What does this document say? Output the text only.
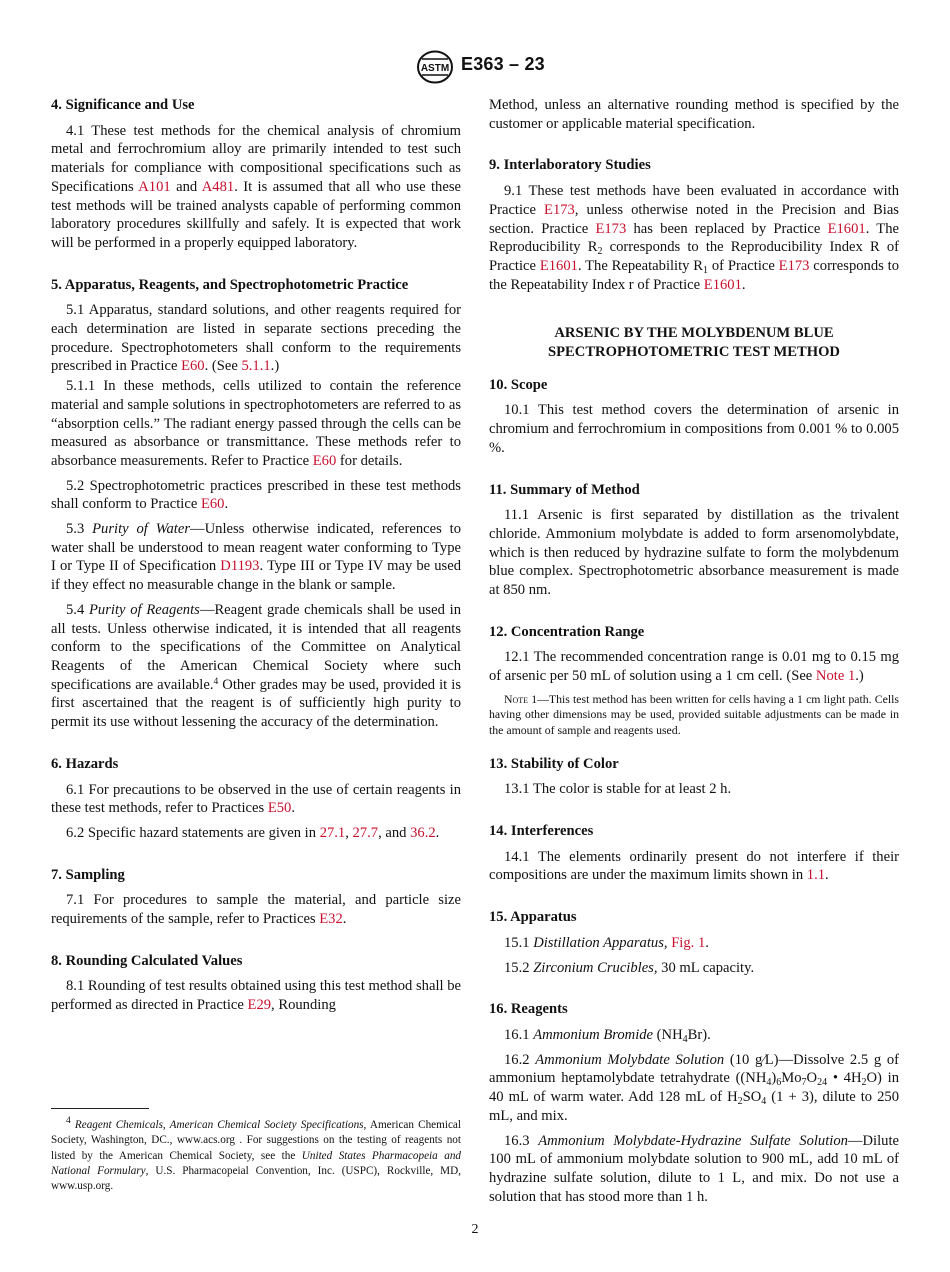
ASTM E363 – 23
4. Significance and Use

4.1 These test methods for the chemical analysis of chromium metal and ferrochromium alloy are primarily intended to test such materials for compliance with compositional specifications such as Specifications A101 and A481. It is assumed that all who use these test methods will be trained analysts capable of performing common laboratory procedures skillfully and safely. It is expected that work will be performed in a properly equipped laboratory.

5. Apparatus, Reagents, and Spectrophotometric Practice

5.1 Apparatus, standard solutions, and other reagents required for each determination are listed in separate sections preceding the procedure. Spectrophotometers shall conform to the requirements prescribed in Practice E60. (See 5.1.1.)

5.1.1 In these methods, cells utilized to contain the reference material and sample solutions in spectrophotometers are referred to as “absorption cells.” The radiant energy passed through the cells can be measured as absorbance or transmittance. These methods refer to absorbance measurements. Refer to Practice E60 for details.

5.2 Spectrophotometric practices prescribed in these test methods shall conform to Practice E60.

5.3 Purity of Water—Unless otherwise indicated, references to water shall be understood to mean reagent water conforming to Type I or Type II of Specification D1193. Type III or Type IV may be used if they effect no measurable change in the blank or sample.

5.4 Purity of Reagents—Reagent grade chemicals shall be used in all tests. Unless otherwise indicated, it is intended that all reagents conform to the specifications of the Committee on Analytical Reagents of the American Chemical Society where such specifications are available.$^4$ Other grades may be used, provided it is first ascertained that the reagent is of sufficiently high purity to permit its use without lessening the accuracy of the determination.

6. Hazards

6.1 For precautions to be observed in the use of certain reagents in these test methods, refer to Practices E50.

6.2 Specific hazard statements are given in 27.1, 27.7, and 36.2.

7. Sampling

7.1 For procedures to sample the material, and particle size requirements of the sample, refer to Practices E32.

8. Rounding Calculated Values

8.1 Rounding of test results obtained using this test method shall be performed as directed in Practice E29, Rounding

$^4$ Reagent Chemicals, American Chemical Society Specifications, American Chemical Society, Washington, DC., www.acs.org . For suggestions on the testing of reagents not listed by the American Chemical Society, see the United States Pharmacopeia and National Formulary, U.S. Pharmacopeial Convention, Inc. (USPC), Rockville, MD, www.usp.org.

Method, unless an alternative rounding method is specified by the customer or applicable material specification.

9. Interlaboratory Studies

9.1 These test methods have been evaluated in accordance with Practice E173, unless otherwise noted in the Precision and Bias section. Practice E173 has been replaced by Practice E1601. The Reproducibility $R_2$ corresponds to the Reproducibility Index R of Practice E1601. The Repeatability $R_1$ of Practice E173 corresponds to the Repeatability Index r of Practice E1601.

ARSENIC BY THE MOLYBDENUM BLUE

SPECTROPHOTOMETRIC TEST METHOD

10. Scope

10.1 This test method covers the determination of arsenic in chromium and ferrochromium in compositions from 0.001 % to 0.005 %.

11. Summary of Method

11.1 Arsenic is first separated by distillation as the trivalent chloride. Ammonium molybdate is added to form arsenomolybdate, which is then reduced by hydrazine sulfate to form the molybdenum blue complex. Spectrophotometric absorbance measurement is made at 850 nm.

12. Concentration Range

12.1 The recommended concentration range is 0.01 mg to 0.15 mg of arsenic per 50 mL of solution using a 1 cm cell. (See Note 1.)

Note 1—This test method has been written for cells having a 1 cm light path. Cells having other dimensions may be used, provided suitable adjustments can be made in the amount of sample and reagents used.

13. Stability of Color

13.1 The color is stable for at least 2 h.

14. Interferences

14.1 The elements ordinarily present do not interfere if their compositions are under the maximum limits shown in 1.1.

15. Apparatus

15.1 Distillation Apparatus, Fig. 1.

15.2 Zirconium Crucibles, 30 mL capacity.

16. Reagents

16.1 Ammonium Bromide $(NH_4Br)$.

16.2 Ammonium Molybdate Solution (10 g⁄L)—Dissolve 2.5 g of ammonium heptamolybdate tetrahydrate ($(NH_4)_6Mo_7O_{24}$ • $4H_2O$) in 40 mL of warm water. Add 128 mL of $H_2SO_4$ (1 + 3), dilute to 250 mL, and mix.

16.3 Ammonium Molybdate-Hydrazine Sulfate Solution—Dilute 100 mL of ammonium molybdate solution to 900 mL, add 10 mL of hydrazine sulfate solution, dilute to 1 L, and mix. Do not use a solution that has stood more than 1 h.

2
